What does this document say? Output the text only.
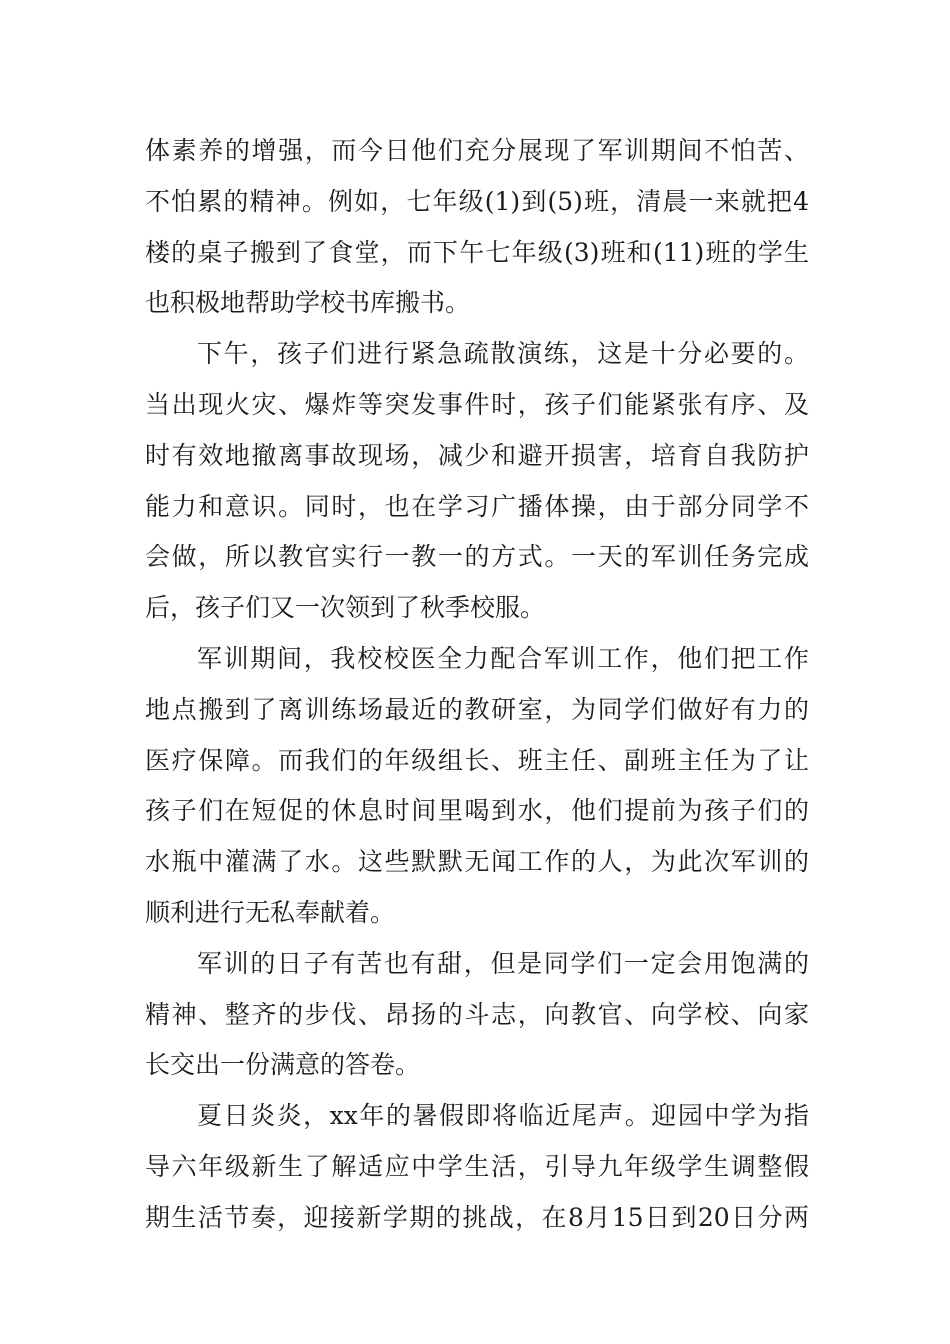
体素养的增强，而今日他们充分展现了军训期间不怕苦、
不怕累的精神。例如，七年级(1)到(5)班，清晨一来就把4
楼的桌子搬到了食堂，而下午七年级(3)班和(11)班的学生
也积极地帮助学校书库搬书。
下午，孩子们进行紧急疏散演练，这是十分必要的。
当出现火灾、爆炸等突发事件时，孩子们能紧张有序、及
时有效地撤离事故现场，减少和避开损害，培育自我防护
能力和意识。同时，也在学习广播体操，由于部分同学不
会做，所以教官实行一教一的方式。一天的军训任务完成
后，孩子们又一次领到了秋季校服。
军训期间，我校校医全力配合军训工作，他们把工作
地点搬到了离训练场最近的教研室，为同学们做好有力的
医疗保障。而我们的年级组长、班主任、副班主任为了让
孩子们在短促的休息时间里喝到水，他们提前为孩子们的
水瓶中灌满了水。这些默默无闻工作的人，为此次军训的
顺利进行无私奉献着。
军训的日子有苦也有甜，但是同学们一定会用饱满的
精神、整齐的步伐、昂扬的斗志，向教官、向学校、向家
长交出一份满意的答卷。
夏日炎炎，xx年的暑假即将临近尾声。迎园中学为指
导六年级新生了解适应中学生活，引导九年级学生调整假
期生活节奏，迎接新学期的挑战，在8月15日到20日分两
